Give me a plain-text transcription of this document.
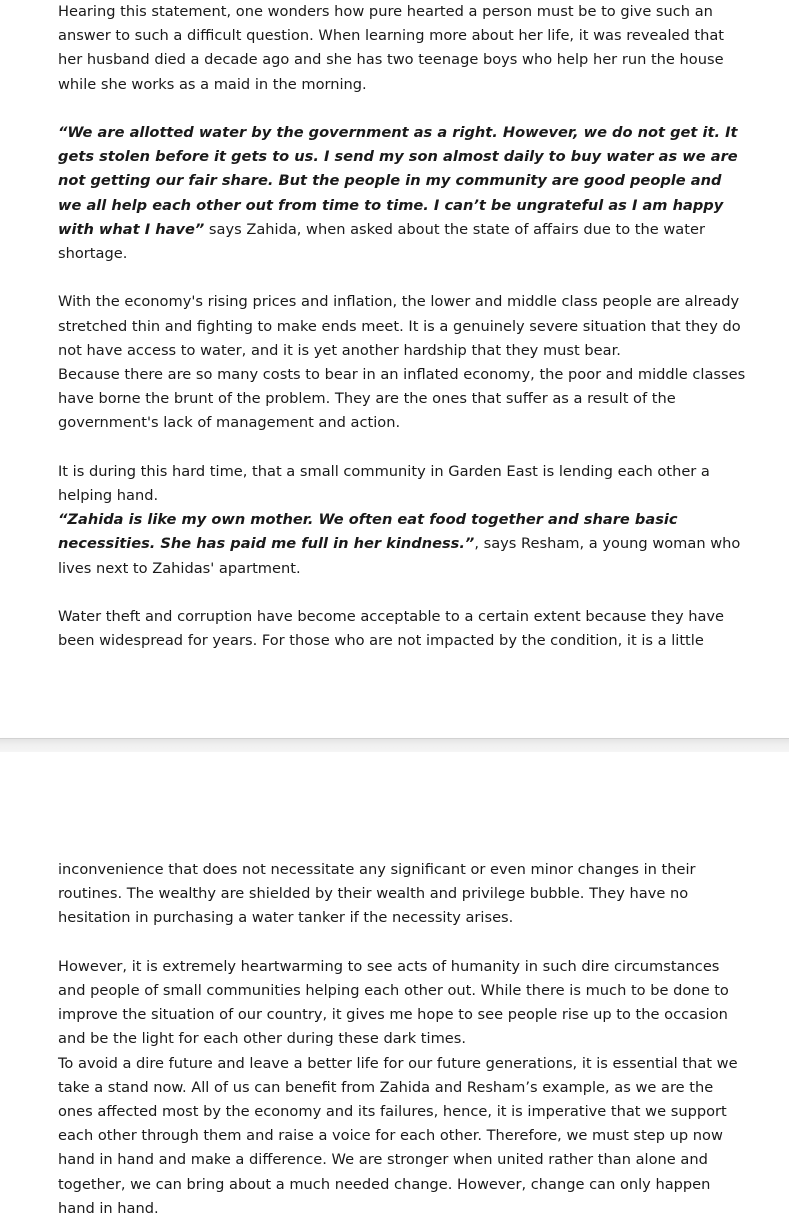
Hearing this statement, one wonders how pure hearted a person must be to give such an answer to such a difficult question. When learning more about her life, it was revealed that her husband died a decade ago and she has two teenage boys who help her run the house while she works as a maid in the morning.

“We are allotted water by the government as a right. However, we do not get it. It gets stolen before it gets to us. I send my son almost daily to buy water as we are not getting our fair share. But the people in my community are good people and we all help each other out from time to time. I can’t be ungrateful as I am happy with what I have” says Zahida, when asked about the state of affairs due to the water shortage.

With the economy's rising prices and inflation, the lower and middle class people are already stretched thin and fighting to make ends meet. It is a genuinely severe situation that they do not have access to water, and it is yet another hardship that they must bear.

Because there are so many costs to bear in an inflated economy, the poor and middle classes have borne the brunt of the problem. They are the ones that suffer as a result of the government's lack of management and action.

It is during this hard time, that a small community in Garden East is lending each other a helping hand.

“Zahida is like my own mother. We often eat food together and share basic necessities. She has paid me full in her kindness.”, says Resham, a young woman who lives next to Zahidas' apartment.

Water theft and corruption have become acceptable to a certain extent because they have been widespread for years. For those who are not impacted by the condition, it is a little

inconvenience that does not necessitate any significant or even minor changes in their routines. The wealthy are shielded by their wealth and privilege bubble. They have no hesitation in purchasing a water tanker if the necessity arises.

However, it is extremely heartwarming to see acts of humanity in such dire circumstances and people of small communities helping each other out. While there is much to be done to improve the situation of our country, it gives me hope to see people rise up to the occasion and be the light for each other during these dark times.

To avoid a dire future and leave a better life for our future generations, it is essential that we take a stand now. All of us can benefit from Zahida and Resham’s example, as we are the ones affected most by the economy and its failures, hence, it is imperative that we support each other through them and raise a voice for each other. Therefore, we must step up now hand in hand and make a difference. We are stronger when united rather than alone and together, we can bring about a much needed change. However, change can only happen hand in hand.
